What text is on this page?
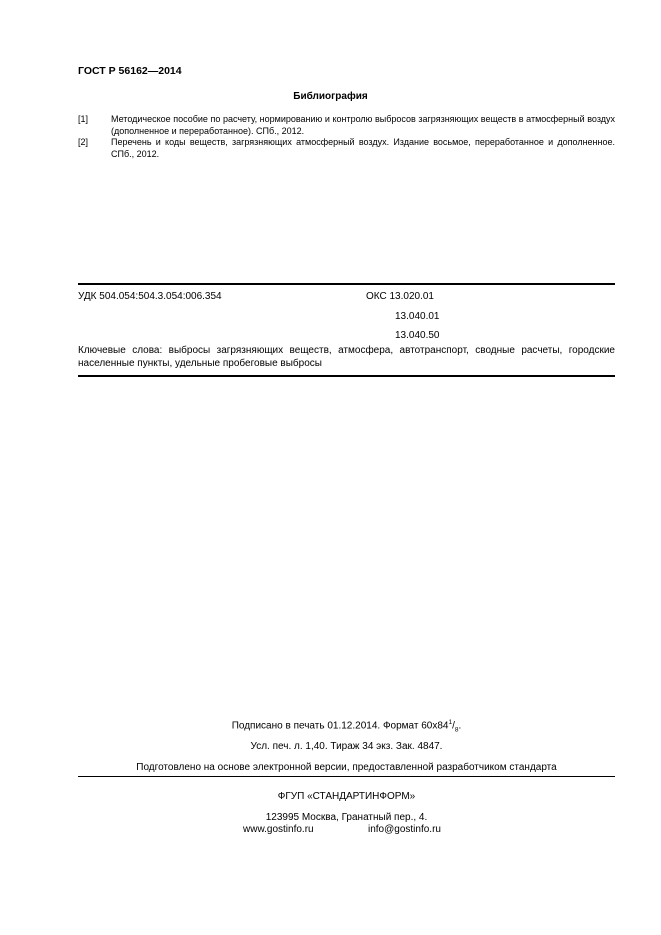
ГОСТ Р 56162—2014
Библиография
[1]	Методическое пособие по расчету, нормированию и контролю выбросов загрязняющих веществ в атмосферный воздух (дополненное и переработанное). СПб., 2012.
[2]	Перечень и коды веществ, загрязняющих атмосферный воздух. Издание восьмое, переработанное и дополненное. СПб., 2012.
УДК 504.054:504.3.054:006.354	ОКС 13.020.01
13.040.01
13.040.50
Ключевые слова: выбросы загрязняющих веществ, атмосфера, автотранспорт, сводные расчеты, городские населенные пункты, удельные пробеговые выбросы
Подписано в печать 01.12.2014. Формат $60х84^1/_8$.
Усл. печ. л. 1,40. Тираж 34 экз. Зак. 4847.
Подготовлено на основе электронной версии, предоставленной разработчиком стандарта
ФГУП «СТАНДАРТИНФОРМ»
123995 Москва, Гранатный пер., 4.
www.gostinfo.ru	info@gostinfo.ru
